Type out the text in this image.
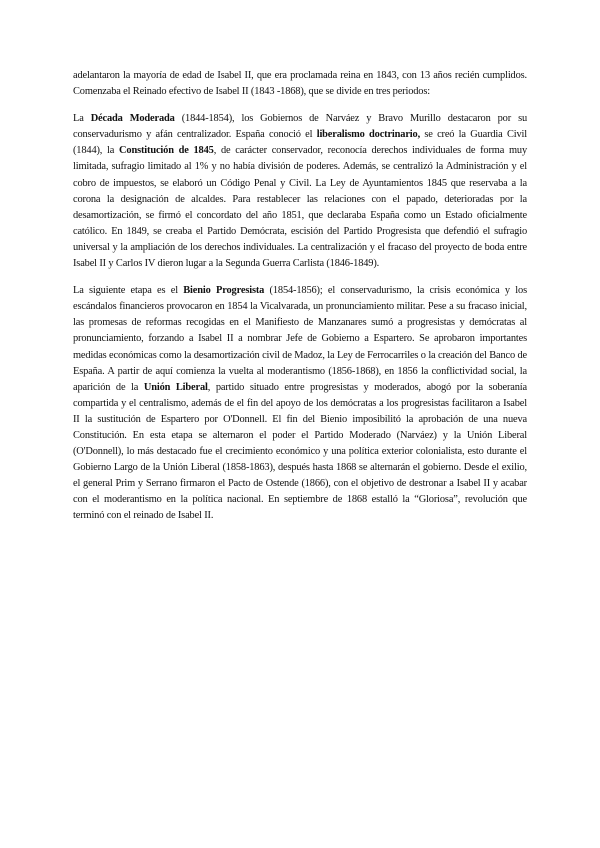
adelantaron la mayoría de edad de Isabel II, que era proclamada reina en 1843, con 13 años recién cumplidos. Comenzaba el Reinado efectivo de Isabel II (1843 -1868), que se divide en tres periodos:

La Década Moderada (1844-1854), los Gobiernos de Narváez y Bravo Murillo destacaron por su conservadurismo y afán centralizador. España conoció el liberalismo doctrinario, se creó la Guardia Civil (1844), la Constitución de 1845, de carácter conservador, reconocía derechos individuales de forma muy limitada, sufragio limitado al 1% y no había división de poderes. Además, se centralizó la Administración y el cobro de impuestos, se elaboró un Código Penal y Civil. La Ley de Ayuntamientos 1845 que reservaba a la corona la designación de alcaldes. Para restablecer las relaciones con el papado, deterioradas por la desamortización, se firmó el concordato del año 1851, que declaraba España como un Estado oficialmente católico. En 1849, se creaba el Partido Demócrata, escisión del Partido Progresista que defendió el sufragio universal y la ampliación de los derechos individuales. La centralización y el fracaso del proyecto de boda entre Isabel II y Carlos IV dieron lugar a la Segunda Guerra Carlista (1846-1849).

La siguiente etapa es el Bienio Progresista (1854-1856); el conservadurismo, la crisis económica y los escándalos financieros provocaron en 1854 la Vicalvarada, un pronunciamiento militar. Pese a su fracaso inicial, las promesas de reformas recogidas en el Manifiesto de Manzanares sumó a progresistas y demócratas al pronunciamiento, forzando a Isabel II a nombrar Jefe de Gobierno a Espartero. Se aprobaron importantes medidas económicas como la desamortización civil de Madoz, la Ley de Ferrocarriles o la creación del Banco de España. A partir de aquí comienza la vuelta al moderantismo (1856-1868), en 1856 la conflictividad social, la aparición de la Unión Liberal, partido situado entre progresistas y moderados, abogó por la soberanía compartida y el centralismo, además de el fin del apoyo de los demócratas a los progresistas facilitaron a Isabel II la sustitución de Espartero por O'Donnell. El fin del Bienio imposibilitó la aprobación de una nueva Constitución. En esta etapa se alternaron el poder el Partido Moderado (Narváez) y la Unión Liberal (O'Donnell), lo más destacado fue el crecimiento económico y una política exterior colonialista, esto durante el Gobierno Largo de la Unión Liberal (1858-1863), después hasta 1868 se alternarán el gobierno. Desde el exilio, el general Prim y Serrano firmaron el Pacto de Ostende (1866), con el objetivo de destronar a Isabel II y acabar con el moderantismo en la política nacional. En septiembre de 1868 estalló la “Gloriosa”, revolución que terminó con el reinado de Isabel II.
